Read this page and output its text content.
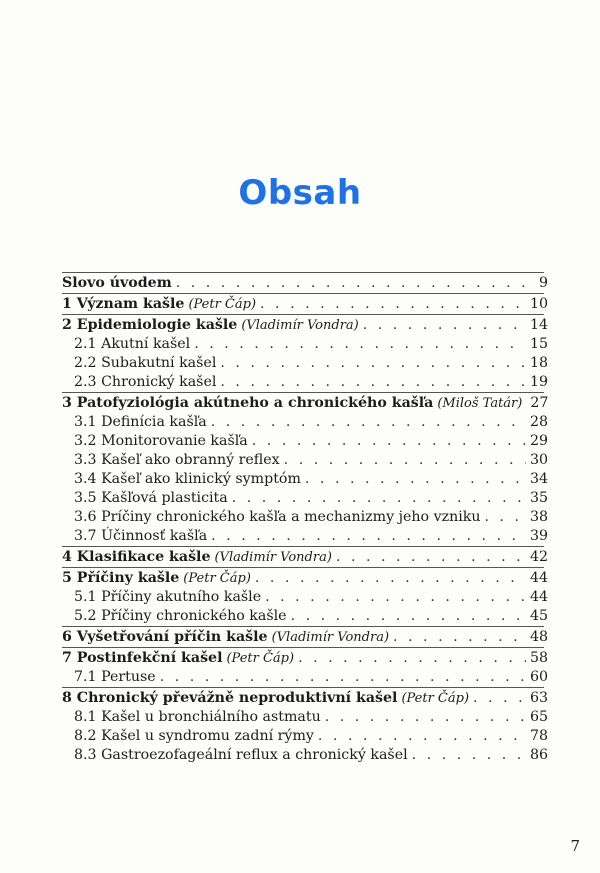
Obsah
Slovo úvodem . . .	9
1 Význam kašle (Petr Čáp) . . .	10
2 Epidemiologie kašle (Vladimír Vondra) . . .	14
2.1 Akutní kašel . . .	15
2.2 Subakutní kašel . . .	18
2.3 Chronický kašel . . .	19
3 Patofyziológia akútneho a chronického kašľa (Miloš Tatár) 27
3.1 Definícia kašľa . . .	28
3.2 Monitorovanie kašľa . . .	29
3.3 Kašeľ ako obranný reflex . . .	30
3.4 Kašeľ ako klinický symptóm . . .	34
3.5 Kašľová plasticita . . .	35
3.6 Príčiny chronického kašľa a mechanizmy jeho vzniku . . .	38
3.7 Účinnosť kašľa . . .	39
4 Klasifikace kašle (Vladimír Vondra) . . .	42
5 Příčiny kašle (Petr Čáp) . . .	44
5.1 Příčiny akutního kašle . . .	44
5.2 Příčiny chronického kašle . . .	45
6 Vyšetřování příčin kašle (Vladimír Vondra) . . .	48
7 Postinfekční kašel (Petr Čáp) . . .	58
7.1 Pertuse . . .	60
8 Chronický převážně neproduktivní kašel (Petr Čáp) . . .	63
8.1 Kašel u bronchiálního astmatu . . .	65
8.2 Kašel u syndromu zadní rýmy . . .	78
8.3 Gastroezofageální reflux a chronický kašel . . .	86
7
